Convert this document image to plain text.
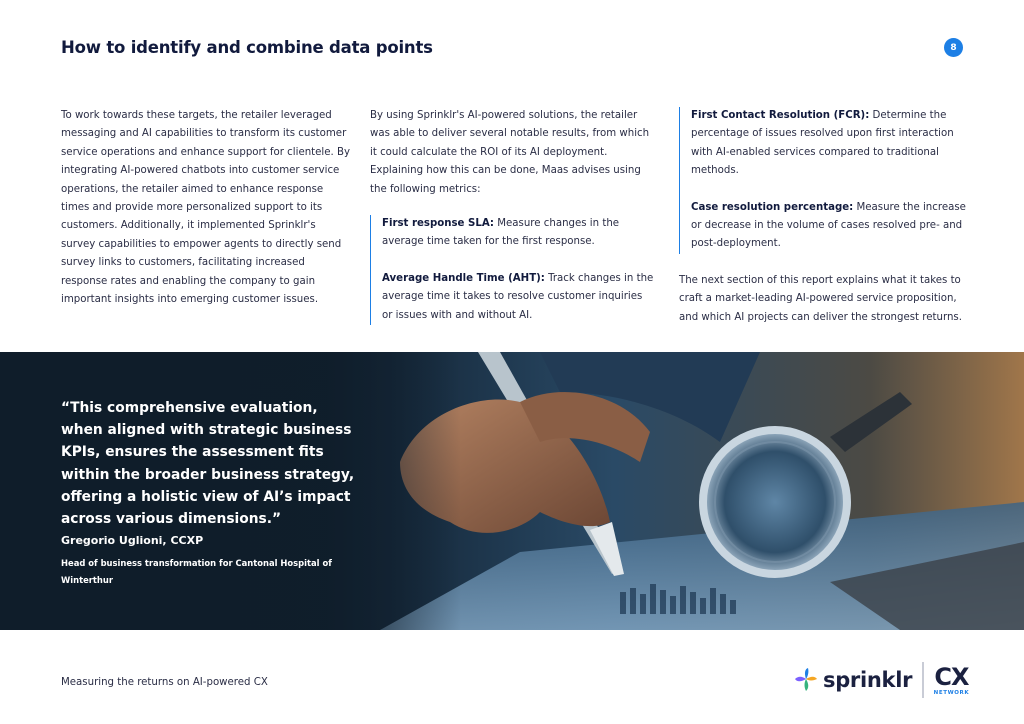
How to identify and combine data points	8

To work towards these targets, the retailer leveraged messaging and AI capabilities to transform its customer service operations and enhance support for clientele. By integrating AI-powered chatbots into customer service operations, the retailer aimed to enhance response times and provide more personalized support to its customers. Additionally, it implemented Sprinklr's survey capabilities to empower agents to directly send survey links to customers, facilitating increased response rates and enabling the company to gain important insights into emerging customer issues.

By using Sprinklr's AI-powered solutions, the retailer was able to deliver several notable results, from which it could calculate the ROI of its AI deployment. Explaining how this can be done, Maas advises using the following metrics:

First response SLA: Measure changes in the average time taken for the first response.

Average Handle Time (AHT): Track changes in the average time it takes to resolve customer inquiries or issues with and without AI.

First Contact Resolution (FCR): Determine the percentage of issues resolved upon first interaction with AI-enabled services compared to traditional methods.

Case resolution percentage: Measure the increase or decrease in the volume of cases resolved pre- and post-deployment.

The next section of this report explains what it takes to craft a market-leading AI-powered service proposition, and which AI projects can deliver the strongest returns.

“This comprehensive evaluation, when aligned with strategic business KPIs, ensures the assessment fits within the broader business strategy, offering a holistic view of AI’s impact across various dimensions.”
Gregorio Uglioni, CCXP
Head of business transformation for Cantonal Hospital of Winterthur
Measuring the returns on AI-powered CX	sprinklr CX
NETWORK
